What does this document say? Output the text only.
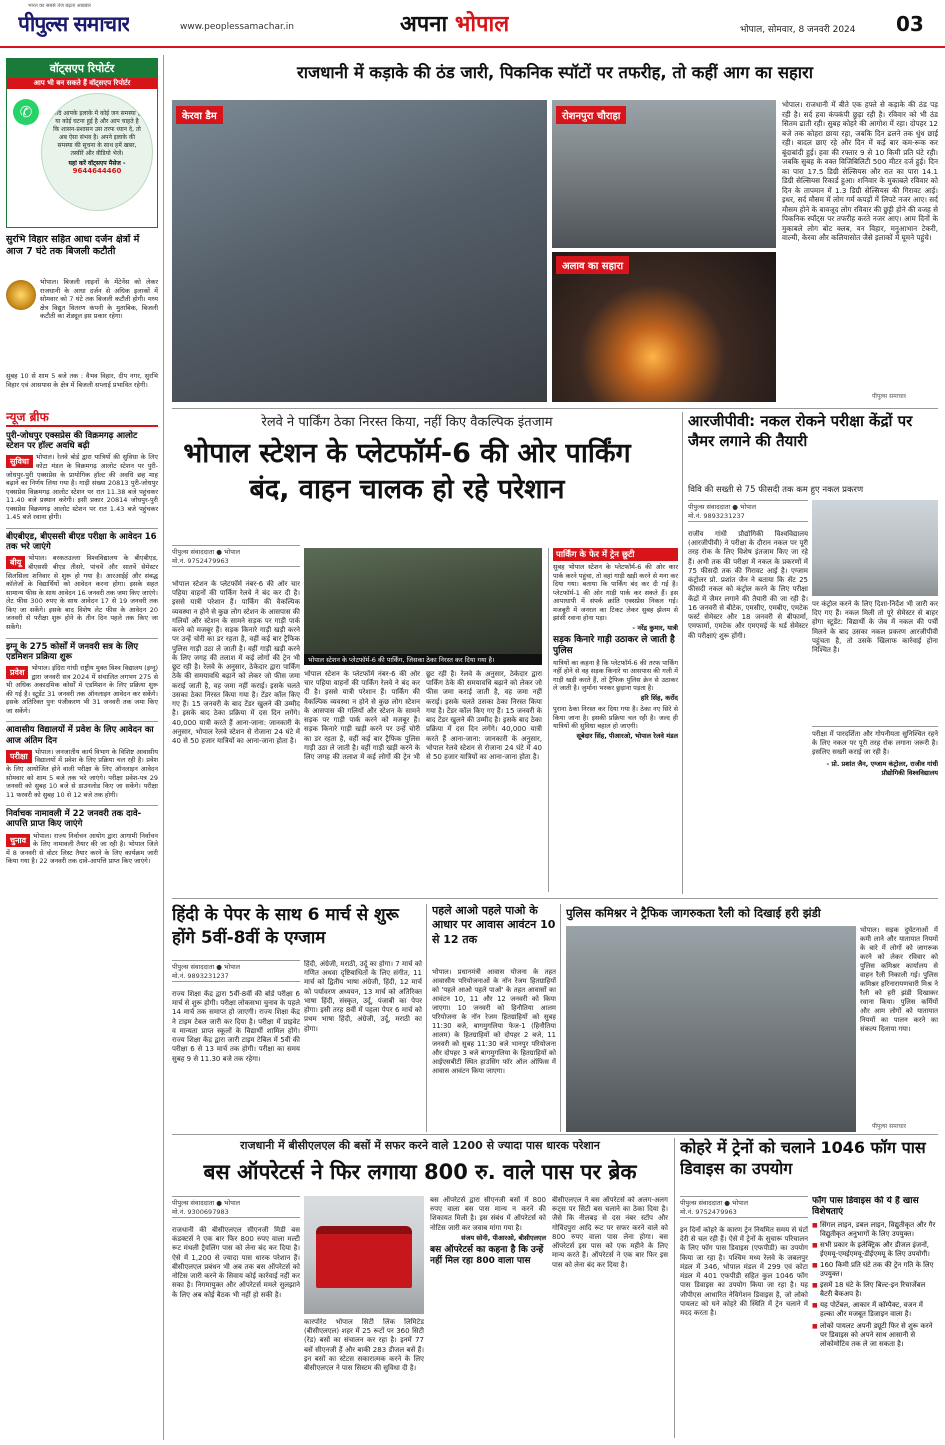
भारत का सबसे तेज बढ़ता अखबार
पीपुल्स समाचार	www.peoplessamachar.in	अपना भोपाल	भोपाल, सोमवार, 8 जनवरी 2024 03
वॉट्सएप रिपोर्टर
आप भी बन सकते हैं वॉट्सएप रिपोर्टर
✆	यदि आपके इलाके में कोई जन समस्या है या कोई घटना हुई है और आप चाहते है कि शासन-प्रशासन उस तरफ ध्यान दे, तो अब ऐसा संभव है। अपने इलाके की समस्या की सूचना के साथ हमें खबर, तस्वीरें और वीडियो भेजें।
यहां करें वॉट्सएप मैसेज -
9644644460
सुरभि विहार सहित आधा दर्जन क्षेत्रों में आज 7 घंटे तक बिजली कटौती
भोपाल। बिजली लाइनों के मेंटेनेंस को लेकर राजधानी के आधा दर्जन से अधिक इलाकों में सोमवार को 7 घंटे तक बिजली कटौती होगी। मध्य क्षेत्र विद्युत वितरण कंपनी के मुताबिक, बिजली कटौती का शेड्यूल इस प्रकार रहेगा।
सुबह 10 से शाम 5 बजे तक : वैभव विहार, दीप नगर, सुरभि विहार एवं आसपास के क्षेत्र में बिजली सप्लाई प्रभावित रहेगी।
न्यूज ब्रीफ
पुरी-जोधपुर एक्सप्रेस की विक्रमगढ़ आलोट स्टेशन पर हॉल्ट अवधि बढ़ी
सुविधा	भोपाल। रेलवे बोर्ड द्वारा यात्रियों की सुविधा के लिए कोटा मंडल के विक्रमगढ़ आलोट स्टेशन पर पुरी-जोधपुर-पुरी एक्सप्रेस के प्रायोगिक हॉल्ट की अवधि छह माह बढ़ाने का निर्णय लिया गया है। गाड़ी संख्या 20813 पुरी-जोधपुर एक्सप्रेस विक्रमगढ़ आलोट स्टेशन पर रात 11.38 बजे पहुंचकर 11.40 बजे प्रस्थान करेगी। इसी प्रकार 20814 जोधपुर-पुरी एक्सप्रेस विक्रमगढ़ आलोट स्टेशन पर रात 1.43 बजे पहुंचकर 1.45 बजे रवाना होगी।
बीएबीएड, बीएससी बीएड परीक्षा के आवेदन 16 तक भरे जाएंगे
बीयू	भोपाल। बरकतउल्ला विश्वविद्यालय के बीएबीएड, बीएससी बीएड तीसरे, पांचवें और सातवें सेमेस्टर सिलसिला शनिवार से शुरू हो गया है। आरआईई और संबद्ध कॉलेजों के विद्यार्थियों को आवेदन करना होगा। इसके सहत सामान्य फीस के साथ आवेदन 16 जनवरी तक जमा किए जाएंगे। लेट फीस 300 रुपए के साथ आवेदन 17 से 19 जनवरी तक किए जा सकेंगे। इसके बाद विशेष लेट फीस के आवेदन 20 जनवरी से परीक्षा शुरू होने के तीन दिन पहले तक किए जा सकेंगे।
इग्नू के 275 कोर्सों में जनवरी सत्र के लिए एडमिशन प्रक्रिया शुरू
प्रवेश	भोपाल। इंदिरा गांधी राष्ट्रीय मुक्त विश्व विद्यालय (इग्नू) द्वारा जनवरी सत्र 2024 में संचालित लगभग 275 से भी अधिक अकादमिक कोर्सों में एडमिशन के लिए प्रक्रिया शुरू की गई है। स्टूडेंट 31 जनवरी तक ऑनलाइन आवेदन कर सकेंगे। इसके अतिरिक्त पुनः पंजीकरण भी 31 जनवरी तक जमा किए जा सकेंगे।
आवासीय विद्यालयों में प्रवेश के लिए आवेदन का आज अंतिम दिन
परीक्षा	भोपाल। जनजातीय कार्य विभाग के विशिष्ट आवासीय विद्यालयों में प्रवेश के लिए प्रक्रिया चल रही है। प्रवेश के लिए आयोजित होने वाली परीक्षा के लिए ऑनलाइन आवेदन सोमवार को शाम 5 बजे तक भरे जाएंगे। परीक्षा प्रवेश-पत्र 29 जनवरी को सुबह 10 बजे से डाउनलोड किए जा सकेंगे। परीक्षा 11 फरवरी को सुबह 10 से 12 बजे तक होगी।
निर्वाचक नामावली में 22 जनवरी तक दावे-आपत्ति प्राप्त किए जाएंगे
चुनाव	भोपाल। राज्य निर्वाचन आयोग द्वारा आगामी निर्वाचन के लिए नामावली तैयार की जा रही है। भोपाल जिले में 8 जनवरी से वोटर लिस्ट तैयार करने के लिए कार्यक्रम जारी किया गया है। 22 जनवरी तक दावे-आपत्ति प्राप्त किए जाएंगे।
राजधानी में कड़ाके की ठंड जारी, पिकनिक स्पॉटों पर तफरीह, तो कहीं आग का सहारा
केरवा डैम	रोशनपुरा चौराहा
अलाव का सहारा
भोपाल। राजधानी में बीते एक हफ्ते से कड़ाके की ठंड पड़ रही है। सर्द हवा कंपकंपी छुड़ा रही है। रविवार को भी ठंड सितम ढाती रही। सुबह कोहरे की आगोश में रहा। दोपहर 12 बजे तक कोहरा छाया रहा, जबकि दिन ढलने तक धुंध छाई रही। बादल छाए रहे और दिन में कई बार कम-रूक कर बूंदाबांदी हुई। हवा की रफ्तार 9 से 10 किमी प्रति घंटे रही। जबकि सुबह के वक्त विजिबिलिटी 500 मीटर दर्ज हुई। दिन का पारा 17.5 डिग्री सेल्सियस और रात का पारा 14.1 डिग्री सेल्सियस रिकार्ड हुआ। शनिवार के मुकाबले रविवार को दिन के तापमान में 1.3 डिग्री सेल्सियस की गिरावट आई। इधर, सर्द मौसम में लोग गर्म कपड़ों में लिपटे नजर आए। सर्द मौसम होने के बावजूद लोग रविवार की छुट्टी होने की वजह से पिकनिक स्पॉट्स पर तफरीह करते नजर आए। आम दिनों के मुकाबले लोग बोट क्लब, वन विहार, मनुआभान टेकरी, वाल्मी, केरवा और कलियासोत जैसे इलाकों में घूमने पहुंचे।
पीपुल्स समाचार
रेलवे ने पार्किंग ठेका निरस्त किया, नहीं किए वैकल्पिक इंतजाम
भोपाल स्टेशन के प्लेटफॉर्म-6 की ओर पार्किंग बंद, वाहन चालक हो रहे परेशान
पीपुल्स संवाददाता ● भोपाल
मो.नं. 9752479963
भोपाल स्टेशन के प्लेटफॉर्म-6 की पार्किंग, जिसका ठेका निरस्त कर दिया गया है।
भोपाल स्टेशन के प्लेटफॉर्म नंबर-6 की ओर चार पहिया वाहनों की पार्किंग रेलवे ने बंद कर दी है। इससे यात्री परेशान हैं। पार्किंग की वैकल्पिक व्यवस्था न होने से कुछ लोग स्टेशन के आसपास की गलियों और स्टेशन के सामने सड़क पर गाड़ी पार्क करने को मजबूर हैं। सड़क किनारे गाड़ी खड़ी करने पर उन्हें चोरी का डर रहता है, वहीं कई बार ट्रैफिक पुलिस गाड़ी उठा ले जाती है। वहीं गाड़ी खड़ी करने के लिए जगह की तलाश में कई लोगों की ट्रेन भी छूट रही है। रेलवे के अनुसार, ठेकेदार द्वारा पार्किंग ठेके की समयावधि बढ़ाने को लेकर जो फीस जमा कराई जाती है, वह जमा नहीं कराई। इसके चलते उसका ठेका निरस्त किया गया है। टेंडर कॉल किए गए हैं। 15 जनवरी के बाद टेंडर खुलने की उम्मीद है। इसके बाद ठेका प्रक्रिया में दस दिन लगेंगे। 40,000 यात्री करते हैं आना-जाना: जानकारी के अनुसार, भोपाल रेलवे स्टेशन से रोजाना 24 घंटे में 40 से 50 हजार यात्रियों का आना-जाना होता है।
भोपाल स्टेशन के प्लेटफॉर्म नंबर-6 की ओर चार पहिया वाहनों की पार्किंग रेलवे ने बंद कर दी है। इससे यात्री परेशान हैं। पार्किंग की वैकल्पिक व्यवस्था न होने से कुछ लोग स्टेशन के आसपास की गलियों और स्टेशन के सामने सड़क पर गाड़ी पार्क करने को मजबूर हैं। सड़क किनारे गाड़ी खड़ी करने पर उन्हें चोरी का डर रहता है, वहीं कई बार ट्रैफिक पुलिस गाड़ी उठा ले जाती है। वहीं गाड़ी खड़ी करने के लिए जगह की तलाश में कई लोगों की ट्रेन भी छूट रही है। रेलवे के अनुसार, ठेकेदार द्वारा पार्किंग ठेके की समयावधि बढ़ाने को लेकर जो फीस जमा कराई जाती है, वह जमा नहीं कराई। इसके चलते उसका ठेका निरस्त किया गया है। टेंडर कॉल किए गए हैं। 15 जनवरी के बाद टेंडर खुलने की उम्मीद है। इसके बाद ठेका प्रक्रिया में दस दिन लगेंगे। 40,000 यात्री करते हैं आना-जाना: जानकारी के अनुसार, भोपाल रेलवे स्टेशन से रोजाना 24 घंटे में 40 से 50 हजार यात्रियों का आना-जाना होता है।
पार्किंग के फेर में ट्रेन छूटी
सुबह भोपाल स्टेशन के प्लेटफॉर्म-6 की ओर कार पार्क करने पहुंचा, तो वहां गाड़ी खड़ी करने से मना कर दिया गया। बताया कि पार्किंग बंद कर दी गई है। प्लेटफॉर्म-1 की ओर गाड़ी पार्क कर सकते हैं। इस आपाधापी में संपर्क क्रांति एक्सप्रेस निकल गई। मजबूरी में जनरल का टिकट लेकर सुबह झेलम से झांसी रवाना होना पड़ा।
- नरेंद्र कुमार, यात्री
सड़क किनारे गाड़ी उठाकर ले जाती है पुलिस
यात्रियों का कहना है कि प्लेटफॉर्म-6 की तरफ पार्किंग नहीं होने से वह सड़क किनारे या आसपास की गली में गाड़ी खड़ी करते हैं, तो ट्रैफिक पुलिस क्रेन से उठाकर ले जाती है। जुर्माना भरकर छुड़ाना पड़ता है।
हरि सिंह, करोंद
पुराना ठेका निरस्त कर दिया गया है। ठेका नए सिरे से किया जाना है। इसकी प्रक्रिया चल रही है। जल्द ही यात्रियों की सुविधा बहाल हो जाएगी।
सूबेदार सिंह, पीआरओ, भोपाल रेलवे मंडल
आरजीपीवी: नकल रोकने परीक्षा केंद्रों पर जैमर लगाने की तैयारी
विवि की सख्ती से 75 फीसदी तक कम हुए नकल प्रकरण
पीपुल्स संवाददाता ● भोपाल
मो.नं. 9893231237
राजीव गांधी प्रौद्योगिकी विश्वविद्यालय (आरजीपीवी) ने परीक्षा के दौरान नकल पर पूरी तरह रोक के लिए विशेष इंतजाम किए जा रहे हैं। अभी तक की परीक्षा में नकल के प्रकरणों में 75 फीसदी तक की गिरावट आई है। एग्जाम कंट्रोलर प्रो. प्रशांत जैन ने बताया कि सेंट 25 फीसदी नकल को कंट्रोल करने के लिए परीक्षा केंद्रों में जैमर लगाने की तैयारी की जा रही है। 16 जनवरी से बीटेक, एमसीए, एमबीए, एमटेक फर्स्ट सेमेस्टर और 18 जनवरी से बीफार्मा, एमफार्मा, एमटेक और एमएमई के थर्ड सेमेस्टर की परीक्षाएं शुरू होंगी।
पर कंट्रोल करने के लिए दिशा-निर्देश भी जारी कर दिए गए हैं। नकल मिली तो पूरे सेमेस्टर से बाहर होगा स्टूडेंट: विद्यार्थी के जेब में नकल की पर्ची मिलने के बाद उसका नकल प्रकरण आरजीपीवी पहुंचता है, तो उसके खिलाफ कार्रवाई होना निश्चित है।
परीक्षा में पारदर्शिता और गोपनीयता सुनिश्चित रहने के लिए नकल पर पूरी तरह रोक लगाना जरूरी है। इसलिए सख्ती कराई जा रही है।
- प्रो. प्रशांत जैन, एग्जाम कंट्रोलर, राजीव गांधी प्रौद्योगिकी विश्वविद्यालय
हिंदी के पेपर के साथ 6 मार्च से शुरू होंगे 5वीं-8वीं के एग्जाम
पीपुल्स संवाददाता ● भोपाल
मो.नं. 9893231237
राज्य शिक्षा केंद्र द्वारा 5वीं-8वीं की बोर्ड परीक्षा 6 मार्च से शुरू होगी। परीक्षा लोकसभा चुनाव के पहले 14 मार्च तक समाप्त हो जाएगी। राज्य शिक्षा केंद्र ने टाइम टेबल जारी कर दिया है। परीक्षा में प्राइवेट व मान्यता प्राप्त स्कूलों के विद्यार्थी शामिल होंगे। राज्य शिक्षा केंद्र द्वारा जारी टाइम टेबिल में 5वीं की परीक्षा 6 से 13 मार्च तक होगी। परीक्षा का समय सुबह 9 से 11.30 बजे तक रहेगा।
हिंदी, अंग्रेजी, मराठी, उर्दू का होगा। 7 मार्च को गणित अथवा दृष्टिबाधितों के लिए संगीत, 11 मार्च को द्वितीय भाषा अंग्रेजी, हिंदी, 12 मार्च को पर्यावरण अध्ययन, 13 मार्च को अतिरिक्त भाषा हिंदी, संस्कृत, उर्दू, पंजाबी का पेपर होगा। इसी तरह 8वीं में पहला पेपर 6 मार्च को प्रथम भाषा हिंदी, अंग्रेजी, उर्दू, मराठी का होगा।
पहले आओ पहले पाओ के आधार पर आवास आवंटन 10 से 12 तक
भोपाल। प्रधानमंत्री आवास योजना के तहत आवासीय परियोजनाओं के नॉन रेजम हितग्राहियों को 'पहले आओ पहले पाओ' के तहत आवासों का आवंटन 10, 11 और 12 जनवरी को किया जाएगा। 10 जनवरी को हिनौतिया आलम परियोजना के नॉन रेजम हितग्राहियों को सुबह 11:30 बजे, बागमुगलिया फेज-1 (हिनौतिया आलम) के हितग्राहियों को दोपहर 2 बजे, 11 जनवरी को सुबह 11:30 बजे भानपुर परियोजना और दोपहर 3 बजे बागमुगलिया के हितग्राहियों को आईएसबीटी स्थित हाउसिंग फॉर ऑल ऑफिस में आवास आवंटन किया जाएगा।
पुलिस कमिश्नर ने ट्रैफिक जागरुकता रैली को दिखाई हरी झंडी
भोपाल। सड़क दुर्घटनाओं में कमी लाने और यातायात नियमों के बारे में लोगों को जागरूक करने को लेकर रविवार को पुलिस कमिश्नर कार्यालय से वाहन रैली निकाली गई। पुलिस कमिश्नर हरिनारायणचारी मिश्र ने रैली को हरी झंडी दिखाकर रवाना किया। पुलिस कर्मियों और आम लोगों को यातायात नियमों का पालन करने का संकल्प दिलाया गया।
पीपुल्स समाचार
राजधानी में बीसीएलएल की बसों में सफर करने वाले 1200 से ज्यादा पास धारक परेशान
बस ऑपरेटर्स ने फिर लगाया 800 रु. वाले पास पर ब्रेक
पीपुल्स संवाददाता ● भोपाल
मो.नं. 9300697983
राजधानी की बीसीएलएल सीएनजी मिडी बस कंडक्टर्स ने एक बार फिर 800 रुपए वाला मल्टी रूट मंथली ट्रैवलिंग पास को लेना बंद कर दिया है। ऐसे में 1,200 से ज्यादा पास धारक परेशान हैं। बीसीएलएल प्रबंधन भी अब तक बस ऑपरेटर्स को नोटिस जारी करने के सिवाय कोई कार्रवाई नहीं कर सका है। निगमायुक्त और ऑपरेटर्स ममले सुलझाने के लिए अब कोई बैठक भी नहीं हो सकी है।
कारपोरेट भोपाल सिटी लिंक लिमिटेड (बीसीएलएल) शहर में 25 रूटों पर 360 सिटी (रेड) बसों का संचालन कर रहा है। इनमें 77 बसें सीएनजी हैं और बाकी 283 डीजल बसें हैं। इन बसों का स्टेटस सकारात्मक करने के लिए बीसीएलएल ने पास सिस्टम की सुविधा दी है।
बस ऑपरेटर्स द्वारा सीएनजी बसों में 800 रुपए वाला बस पास मान्य न करने की शिकायत मिली है। इस संबंध में ऑपरेटर्स को नोटिस जारी कर जवाब मांगा गया है।
संजय सोनी, पीआरओ, बीसीएलएल
बस ऑपरेटर्स का कहना है कि उन्हें नहीं मिल रहा 800 वाला पास
बीसीएलएल ने बस ऑपरेटर्स को अलग-अलग रूट्स पर सिटी बस चलाने का ठेका दिया है। जैसे कि नीलबड़ से दस नंबर स्टॉप और गोविंदपुरा आदि रूट पर सफर करने वाले को 800 रुपए वाला पास लेना होगा। बस ऑपरेटर्स इस पास को एक महीने के लिए मान्य करते हैं। ऑपरेटर्स ने एक बार फिर इस पास को लेना बंद कर दिया है।
कोहरे में ट्रेनों को चलाने 1046 फॉग पास डिवाइस का उपयोग
पीपुल्स संवाददाता ● भोपाल
मो.नं. 9752479963
इन दिनों कोहरे के कारण ट्रेन नियमित समय से घंटों देरी से चल रही हैं। ऐसे में ट्रेनों के सुचारू परिचालन के लिए फॉग पास डिवाइस (एफपीडी) का उपयोग किया जा रहा है। पश्चिम मध्य रेलवे के जबलपुर मंडल में 346, भोपाल मंडल में 299 एवं कोटा मंडल में 401 एफपीडी सहित कुल 1046 फॉग पास डिवाइस का उपयोग किया जा रहा है। यह जीपीएस आधारित नेविगेशन डिवाइस है, जो लोको पायलट को घने कोहरे की स्थिति में ट्रेन चलाने में मदद करता है।
फॉग पास डिवाइस की ये हैं खास विशेषताएं
■ सिंगल लाइन, डबल लाइन, विद्युतीकृत और गैर विद्युतीकृत अनुभागों के लिए उपयुक्त।
■ सभी प्रकार के इलेक्ट्रिक और डीजल इंजनों, ईएमयू-एमईएमयू-डीईएमयू के लिए उपयोगी।
■ 160 किमी प्रति घंटे तक की ट्रेन गति के लिए उपयुक्त।
■ इसमें 18 घंटे के लिए बिल्ट-इन रिचार्जेबल बैटरी बैकअप है।
■ यह पोर्टेबल, आकार में कॉम्पैक्ट, वजन में हल्का और मजबूत डिजाइन वाला है।
■ लोको पायलट अपनी ड्यूटी फिर से शुरू करने पर डिवाइस को अपने साथ आसानी से लोकोमोटिव तक ले जा सकता है।
